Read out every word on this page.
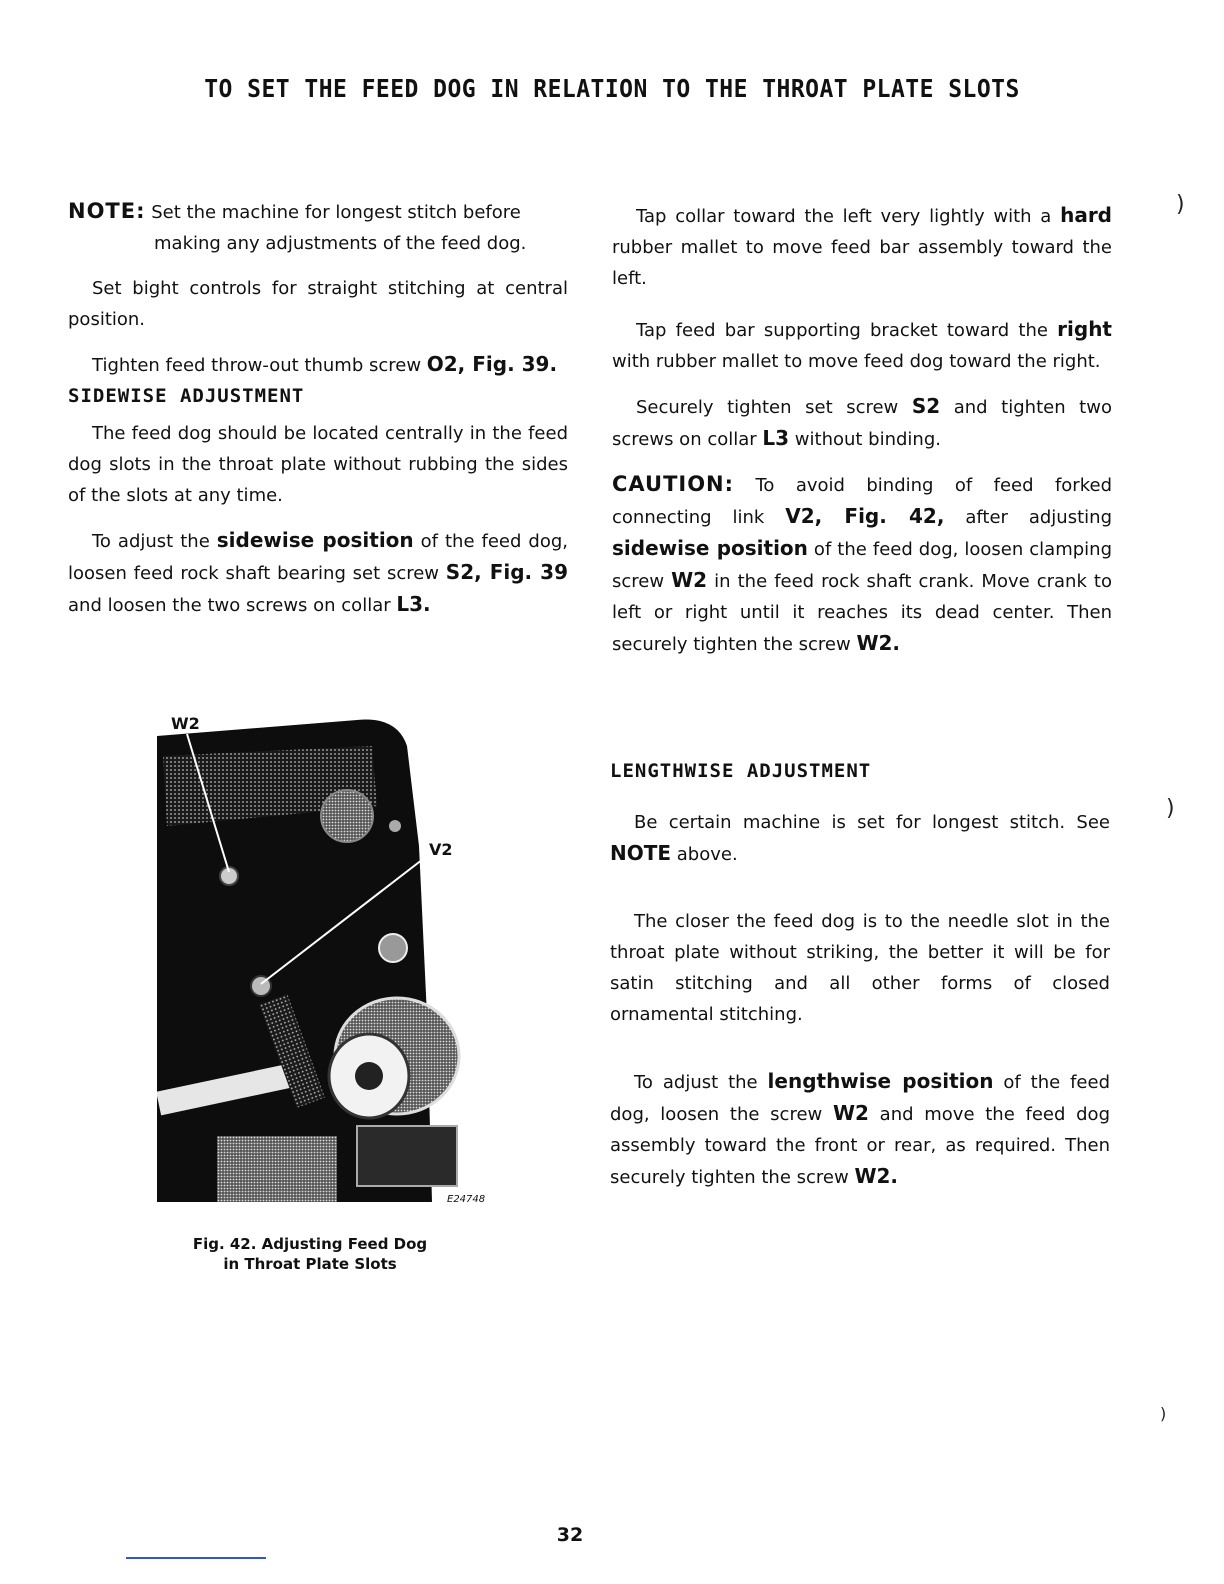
TO SET THE FEED DOG IN RELATION TO THE THROAT PLATE SLOTS

NOTE: Set the machine for longest stitch before

making any adjustments of the feed dog.

Set bight controls for straight stitching at central position.

Tighten feed throw-out thumb screw O2, Fig. 39.

SIDEWISE ADJUSTMENT

The feed dog should be located centrally in the feed dog slots in the throat plate without rubbing the sides of the slots at any time.

To adjust the sidewise position of the feed dog, loosen feed rock shaft bearing set screw S2, Fig. 39 and loosen the two screws on collar L3.

Tap collar toward the left very lightly with a hard rubber mallet to move feed bar assembly toward the left.

Tap feed bar supporting bracket toward the right with rubber mallet to move feed dog toward the right.

Securely tighten set screw S2 and tighten two screws on collar L3 without binding.

CAUTION: To avoid binding of feed forked connecting link V2, Fig. 42, after adjusting sidewise position of the feed dog, loosen clamping screw W2 in the feed rock shaft crank. Move crank to left or right until it reaches its dead center. Then securely tighten the screw W2.

LENGTHWISE ADJUSTMENT

Be certain machine is set for longest stitch. See NOTE above.

The closer the feed dog is to the needle slot in the throat plate without striking, the better it will be for satin stitching and all other forms of closed ornamental stitching.

To adjust the lengthwise position of the feed dog, loosen the screw W2 and move the feed dog assembly toward the front or rear, as required. Then securely tighten the screw W2.

W2
V2
E24748
Fig. 42. Adjusting Feed Dog
in Throat Plate Slots
)
)
)
32
